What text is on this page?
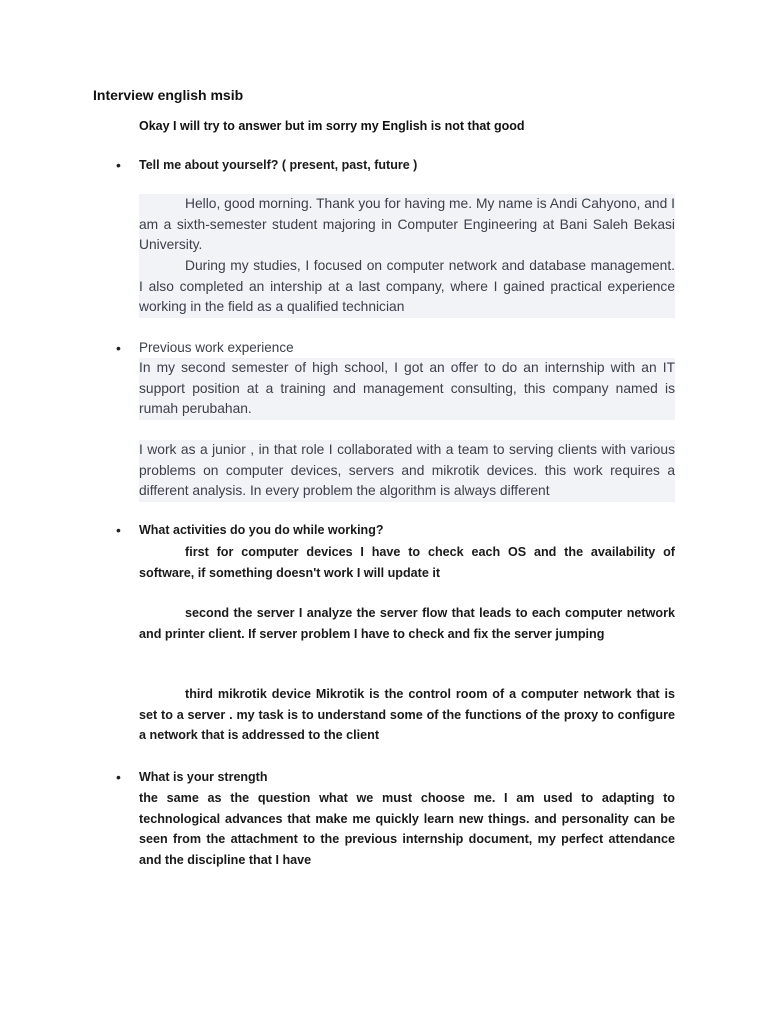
Interview english msib
Okay I will try to answer but im sorry my English is not that good
• Tell me about yourself? ( present, past, future )
Hello, good morning. Thank you for having me. My name is Andi Cahyono, and I am a sixth-semester student majoring in Computer Engineering at Bani Saleh Bekasi University.
During my studies, I focused on computer network and database management. I also completed an intership at a last company, where I gained practical experience working in the field as a qualified technician
• Previous work experience
In my second semester of high school, I got an offer to do an internship with an IT support position at a training and management consulting, this company named is rumah perubahan.
I work as a junior , in that role I collaborated with a team to serving clients with various problems on computer devices, servers and mikrotik devices. this work requires a different analysis. In every problem the algorithm is always different
• What activities do you do while working?
first for computer devices I have to check each OS and the availability of software, if something doesn't work I will update it
second the server I analyze the server flow that leads to each computer network and printer client. If server problem I have to check and fix the server jumping
third mikrotik device Mikrotik is the control room of a computer network that is set to a server . my task is to understand some of the functions of the proxy to configure a network that is addressed to the client
• What is your strength
the same as the question what we must choose me. I am used to adapting to technological advances that make me quickly learn new things. and personality can be seen from the attachment to the previous internship document, my perfect attendance and the discipline that I have
